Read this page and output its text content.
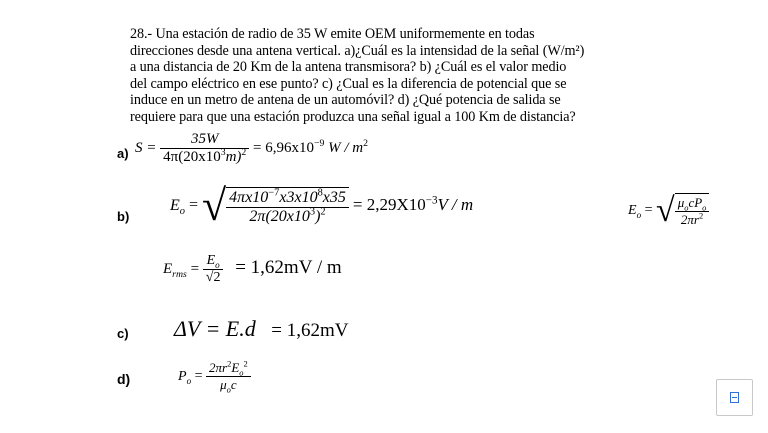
28.- Una estación de radio de 35 W emite OEM uniformemente en todas
direcciones desde una antena vertical. a)¿Cuál es la intensidad de la señal (W/m²)
a una distancia de 20 Km de la antena transmisora? b) ¿Cuál es el valor medio
del campo eléctrico en ese punto? c) ¿Cual es la diferencia de potencial que se
induce en un metro de antena de un automóvil? d) ¿Qué potencia de salida se
requiere para que una estación produzca una señal igual a 100 Km de distancia?
a) $S = \frac{35W}{4\pi(20x10^3m)^2} = 6,96x10^{-9}$ W / $m^2$
b)
$E_o$ = √ $\frac{4\pi x10^{-7}x3x10^8x35}{2\pi(20x10^3)^2} = 2,29X10^{-3}V / m$	$E_o$ = √ $\frac{\mu_ocP_o}{2\pi r^2}$
$E_{rms} = \frac{E_o}{√2} = 1,62mV / m$
c) ΔV = E.d = 1,62mV
d)	$P_o = \frac{2\pi r^2E_o^2}{\mu_oc}$
